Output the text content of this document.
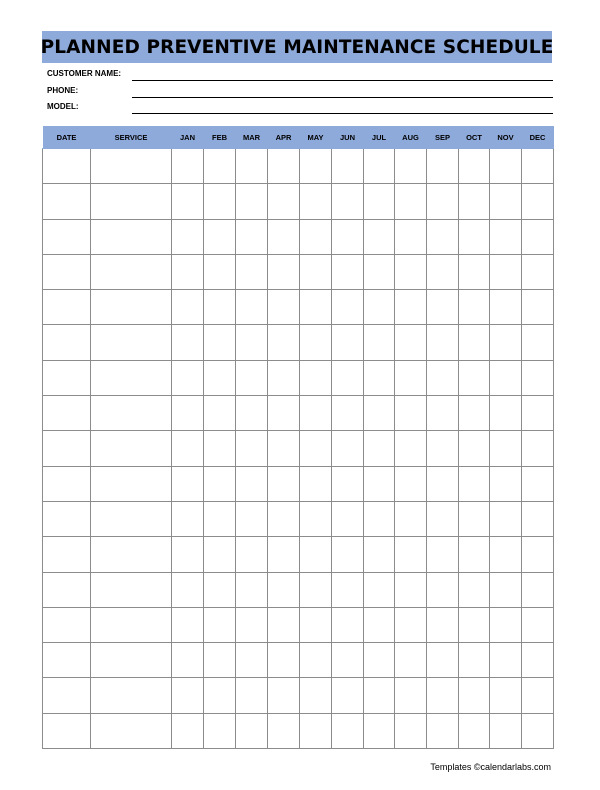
PLANNED PREVENTIVE MAINTENANCE SCHEDULE
CUSTOMER NAME:
PHONE:
MODEL:
DATE	SERVICE	JAN	FEB	MAR	APR	MAY	JUN	JUL	AUG	SEP	OCT	NOV	DEC

Templates ©calendarlabs.com
